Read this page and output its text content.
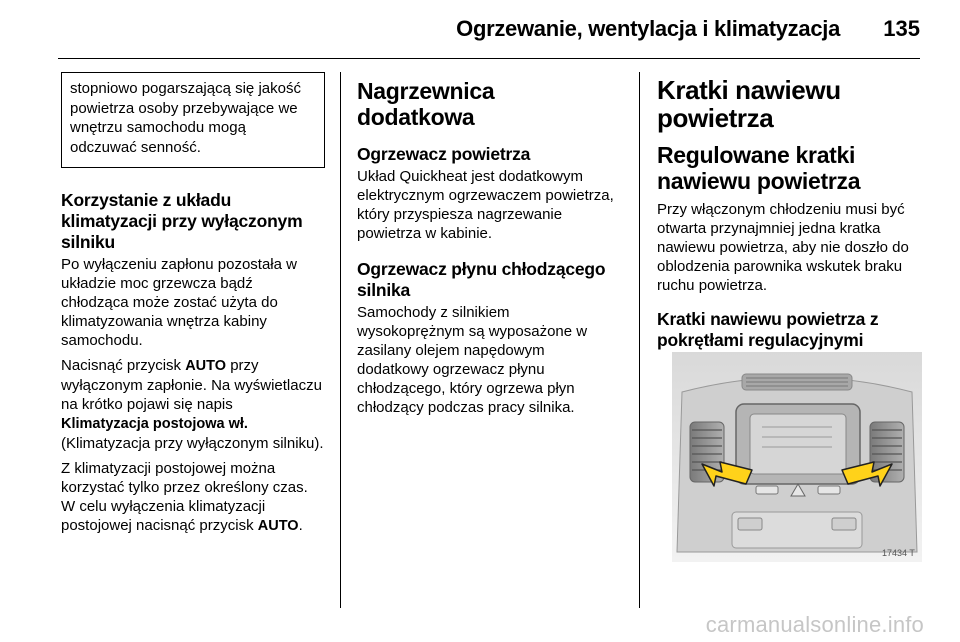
Ogrzewanie, wentylacja i klimatyzacja 135
stopniowo pogarszającą się jakość powietrza osoby przebywające we wnętrzu samochodu mogą odczuwać senność.
Korzystanie z układu klimatyzacji przy wyłączonym silniku

Po wyłączeniu zapłonu pozostała w układzie moc grzewcza bądź chłodząca może zostać użyta do klimatyzowania wnętrza kabiny samochodu.

Nacisnąć przycisk AUTO przy wyłączonym zapłonie. Na wyświetlaczu na krótko pojawi się napis Klimatyzacja postojowa wł. (Klimatyzacja przy wyłączonym silniku).

Z klimatyzacji postojowej można korzystać tylko przez określony czas. W celu wyłączenia klimatyzacji postojowej nacisnąć przycisk AUTO.

Nagrzewnica dodatkowa
Ogrzewacz powietrza

Układ Quickheat jest dodatkowym elektrycznym ogrzewaczem powietrza, który przyspiesza nagrzewanie powietrza w kabinie.

Ogrzewacz płynu chłodzącego silnika

Samochody z silnikiem wysokoprężnym są wyposażone w zasilany olejem napędowym dodatkowy ogrzewacz płynu chłodzącego, który ogrzewa płyn chłodzący podczas pracy silnika.

Kratki nawiewu powietrza
Regulowane kratki nawiewu powietrza

Przy włączonym chłodzeniu musi być otwarta przynajmniej jedna kratka nawiewu powietrza, aby nie doszło do oblodzenia parownika wskutek braku ruchu powietrza.

Kratki nawiewu powietrza z pokrętłami regulacyjnymi
17434 T
carmanualsonline.info
